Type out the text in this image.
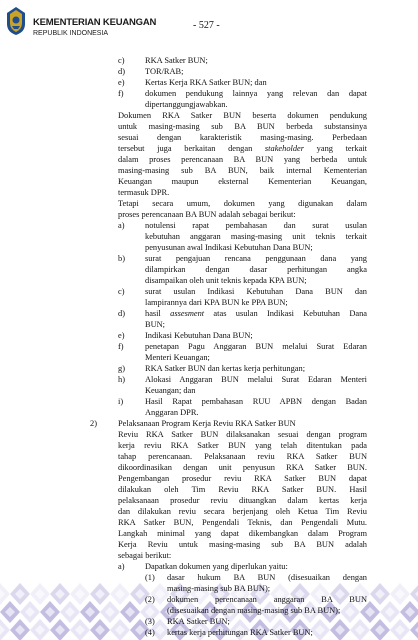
KEMENTERIAN KEUANGAN
REPUBLIK INDONESIA
- 527 -
c) RKA Satker BUN;
d) TOR/RAB;
e) Kertas Kerja RKA Satker BUN; dan
f)	dokumen pendukung lainnya yang relevan dan dapat
dipertanggungjawabkan.
Dokumen RKA Satker BUN beserta dokumen pendukung
untuk masing-masing sub BA BUN berbeda substansinya
sesuai dengan karakteristik masing-masing. Perbedaan
tersebut juga berkaitan dengan stakeholder yang terkait
dalam proses perencanaan BA BUN yang berbeda untuk
masing-masing sub BA BUN, baik internal Kementerian
Keuangan maupun eksternal Kementerian Keuangan,
termasuk DPR.
Tetapi secara umum, dokumen yang digunakan dalam
proses perencanaan BA BUN adalah sebagai berikut:
a) notulensi rapat pembahasan dan surat usulan
kebutuhan anggaran masing-masing unit teknis terkait
penyusunan awal Indikasi Kebutuhan Dana BUN;
b) surat pengajuan rencana penggunaan dana yang
dilampirkan dengan dasar perhitungan angka
disampaikan oleh unit teknis kepada KPA BUN;
c) surat usulan Indikasi Kebutuhan Dana BUN dan
lampirannya dari KPA BUN ke PPA BUN;
d) hasil assesment atas usulan Indikasi Kebutuhan Dana
BUN;
e) Indikasi Kebutuhan Dana BUN;
f)	penetapan Pagu Anggaran BUN melalui Surat Edaran
Menteri Keuangan;
g) RKA Satker BUN dan kertas kerja perhitungan;
h) Alokasi Anggaran BUN melalui Surat Edaran Menteri
Keuangan; dan
i)	Hasil Rapat pembahasan RUU APBN dengan Badan
Anggaran DPR.
2)	Pelaksanaan Program Kerja Reviu RKA Satker BUN
Reviu RKA Satker BUN dilaksanakan sesuai dengan program
kerja reviu RKA Satker BUN yang telah ditentukan pada
tahap perencanaan. Pelaksanaan reviu RKA Satker BUN
dikoordinasikan dengan unit penyusun RKA Satker BUN.
Pengembangan prosedur reviu RKA Satker BUN dapat
dilakukan oleh Tim Reviu RKA Satker BUN. Hasil
pelaksanaan prosedur reviu dituangkan dalam kertas kerja
dan dilakukan reviu secara berjenjang oleh Ketua Tim Reviu
RKA Satker BUN, Pengendali Teknis, dan Pengendali Mutu.
Langkah minimal yang dapat dikembangkan dalam Program
Kerja Reviu untuk masing-masing sub BA BUN adalah
sebagai berikut:
a) Dapatkan dokumen yang diperlukan yaitu:
(1) dasar hukum BA BUN (disesuaikan dengan
masing-masing sub BA BUN);
(2) dokumen perencanaan anggaran BA BUN
(disesuaikan dengan masing-masing sub BA BUN);
(3) RKA Satker BUN;
(4) kertas kerja perhitungan RKA Satker BUN;
